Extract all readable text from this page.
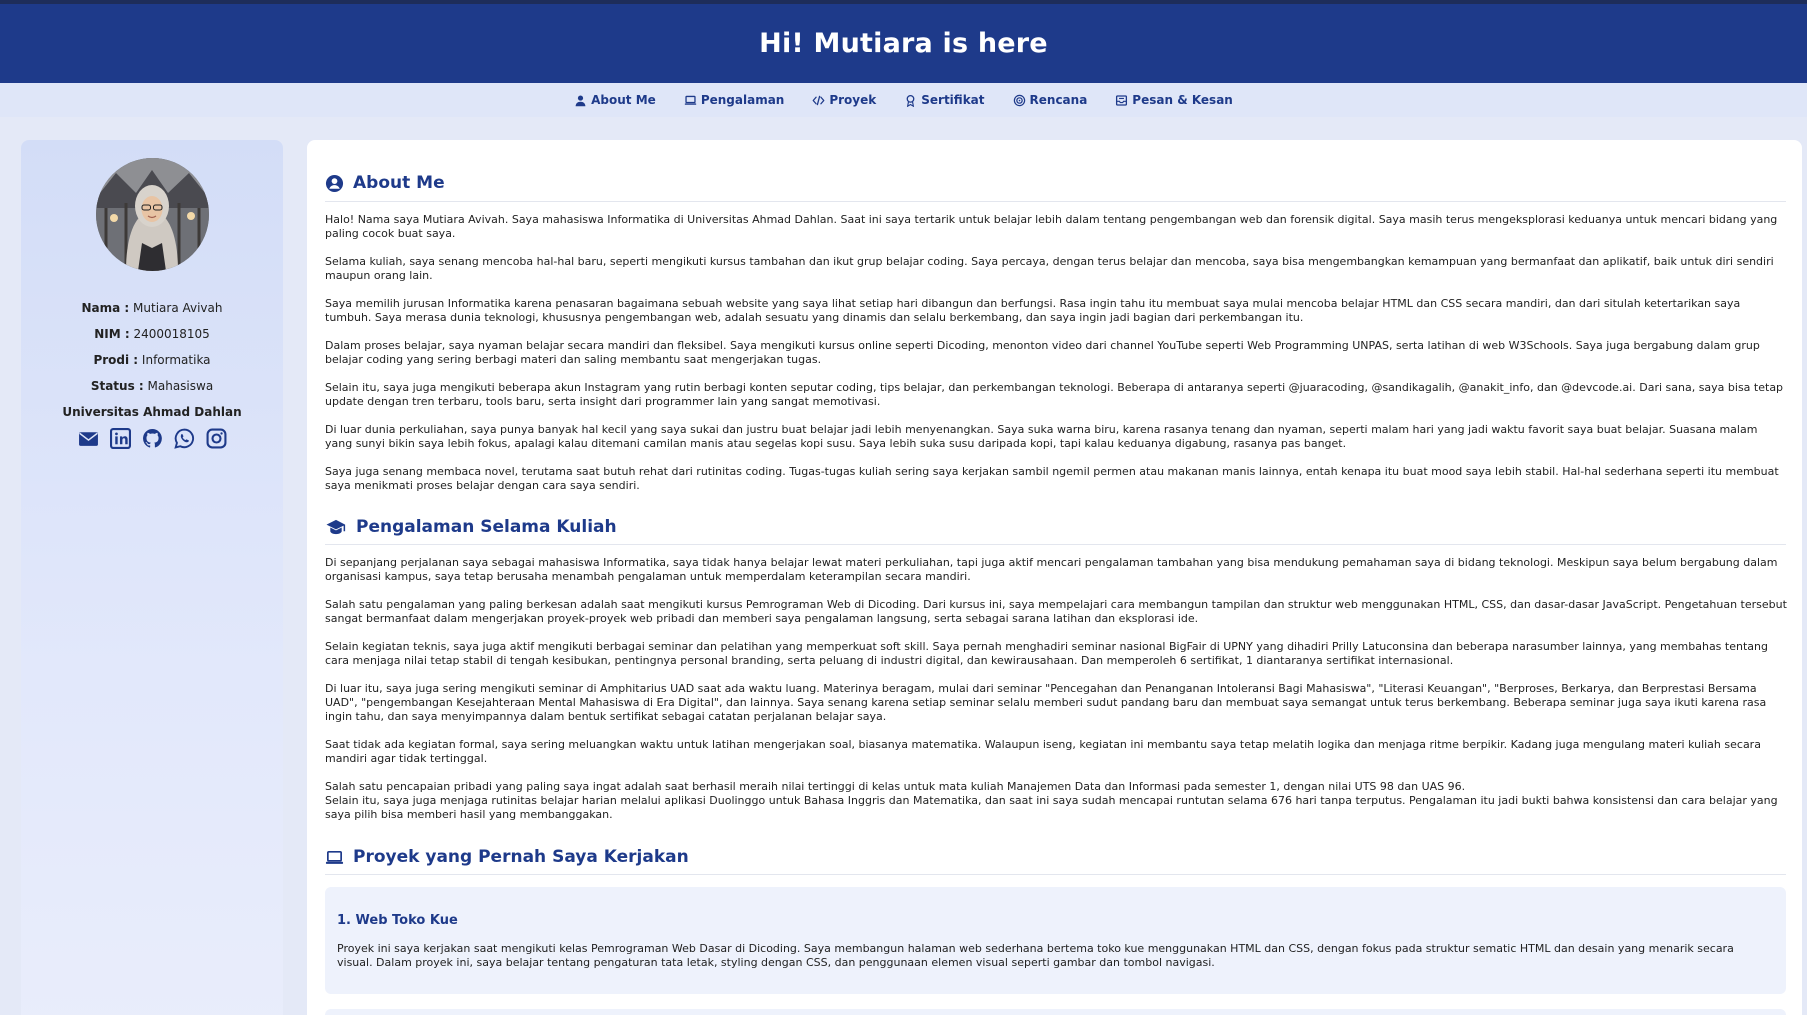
Hi! Mutiara is here
About Me	Pengalaman	Proyek	Sertifikat	Rencana	Pesan & Kesan
Nama : Mutiara Avivah
NIM : 2400018105
Prodi : Informatika
Status : Mahasiswa
Universitas Ahmad Dahlan
About Me

Halo! Nama saya Mutiara Avivah. Saya mahasiswa Informatika di Universitas Ahmad Dahlan. Saat ini saya tertarik untuk belajar lebih dalam tentang pengembangan web dan forensik digital. Saya masih terus mengeksplorasi keduanya untuk mencari bidang yang paling cocok buat saya.

Selama kuliah, saya senang mencoba hal-hal baru, seperti mengikuti kursus tambahan dan ikut grup belajar coding. Saya percaya, dengan terus belajar dan mencoba, saya bisa mengembangkan kemampuan yang bermanfaat dan aplikatif, baik untuk diri sendiri maupun orang lain.

Saya memilih jurusan Informatika karena penasaran bagaimana sebuah website yang saya lihat setiap hari dibangun dan berfungsi. Rasa ingin tahu itu membuat saya mulai mencoba belajar HTML dan CSS secara mandiri, dan dari situlah ketertarikan saya tumbuh. Saya merasa dunia teknologi, khususnya pengembangan web, adalah sesuatu yang dinamis dan selalu berkembang, dan saya ingin jadi bagian dari perkembangan itu.

Dalam proses belajar, saya nyaman belajar secara mandiri dan fleksibel. Saya mengikuti kursus online seperti Dicoding, menonton video dari channel YouTube seperti Web Programming UNPAS, serta latihan di web W3Schools. Saya juga bergabung dalam grup belajar coding yang sering berbagi materi dan saling membantu saat mengerjakan tugas.

Selain itu, saya juga mengikuti beberapa akun Instagram yang rutin berbagi konten seputar coding, tips belajar, dan perkembangan teknologi. Beberapa di antaranya seperti @juaracoding, @sandikagalih, @anakit_info, dan @devcode.ai. Dari sana, saya bisa tetap update dengan tren terbaru, tools baru, serta insight dari programmer lain yang sangat memotivasi.

Di luar dunia perkuliahan, saya punya banyak hal kecil yang saya sukai dan justru buat belajar jadi lebih menyenangkan. Saya suka warna biru, karena rasanya tenang dan nyaman, seperti malam hari yang jadi waktu favorit saya buat belajar. Suasana malam yang sunyi bikin saya lebih fokus, apalagi kalau ditemani camilan manis atau segelas kopi susu. Saya lebih suka susu daripada kopi, tapi kalau keduanya digabung, rasanya pas banget.

Saya juga senang membaca novel, terutama saat butuh rehat dari rutinitas coding. Tugas-tugas kuliah sering saya kerjakan sambil ngemil permen atau makanan manis lainnya, entah kenapa itu buat mood saya lebih stabil. Hal-hal sederhana seperti itu membuat saya menikmati proses belajar dengan cara saya sendiri.

Pengalaman Selama Kuliah

Di sepanjang perjalanan saya sebagai mahasiswa Informatika, saya tidak hanya belajar lewat materi perkuliahan, tapi juga aktif mencari pengalaman tambahan yang bisa mendukung pemahaman saya di bidang teknologi. Meskipun saya belum bergabung dalam organisasi kampus, saya tetap berusaha menambah pengalaman untuk memperdalam keterampilan secara mandiri.

Salah satu pengalaman yang paling berkesan adalah saat mengikuti kursus Pemrograman Web di Dicoding. Dari kursus ini, saya mempelajari cara membangun tampilan dan struktur web menggunakan HTML, CSS, dan dasar-dasar JavaScript. Pengetahuan tersebut sangat bermanfaat dalam mengerjakan proyek-proyek web pribadi dan memberi saya pengalaman langsung, serta sebagai sarana latihan dan eksplorasi ide.

Selain kegiatan teknis, saya juga aktif mengikuti berbagai seminar dan pelatihan yang memperkuat soft skill. Saya pernah menghadiri seminar nasional BigFair di UPNY yang dihadiri Prilly Latuconsina dan beberapa narasumber lainnya, yang membahas tentang cara menjaga nilai tetap stabil di tengah kesibukan, pentingnya personal branding, serta peluang di industri digital, dan kewirausahaan. Dan memperoleh 6 sertifikat, 1 diantaranya sertifikat internasional.

Di luar itu, saya juga sering mengikuti seminar di Amphitarius UAD saat ada waktu luang. Materinya beragam, mulai dari seminar "Pencegahan dan Penanganan Intoleransi Bagi Mahasiswa", "Literasi Keuangan", "Berproses, Berkarya, dan Berprestasi Bersama UAD", "pengembangan Kesejahteraan Mental Mahasiswa di Era Digital", dan lainnya. Saya senang karena setiap seminar selalu memberi sudut pandang baru dan membuat saya semangat untuk terus berkembang. Beberapa seminar juga saya ikuti karena rasa ingin tahu, dan saya menyimpannya dalam bentuk sertifikat sebagai catatan perjalanan belajar saya.

Saat tidak ada kegiatan formal, saya sering meluangkan waktu untuk latihan mengerjakan soal, biasanya matematika. Walaupun iseng, kegiatan ini membantu saya tetap melatih logika dan menjaga ritme berpikir. Kadang juga mengulang materi kuliah secara mandiri agar tidak tertinggal.

Salah satu pencapaian pribadi yang paling saya ingat adalah saat berhasil meraih nilai tertinggi di kelas untuk mata kuliah Manajemen Data dan Informasi pada semester 1, dengan nilai UTS 98 dan UAS 96.

Selain itu, saya juga menjaga rutinitas belajar harian melalui aplikasi Duolinggo untuk Bahasa Inggris dan Matematika, dan saat ini saya sudah mencapai runtutan selama 676 hari tanpa terputus. Pengalaman itu jadi bukti bahwa konsistensi dan cara belajar yang saya pilih bisa memberi hasil yang membanggakan.

Proyek yang Pernah Saya Kerjakan
1. Web Toko Kue

Proyek ini saya kerjakan saat mengikuti kelas Pemrograman Web Dasar di Dicoding. Saya membangun halaman web sederhana bertema toko kue menggunakan HTML dan CSS, dengan fokus pada struktur sematic HTML dan desain yang menarik secara visual. Dalam proyek ini, saya belajar tentang pengaturan tata letak, styling dengan CSS, dan penggunaan elemen visual seperti gambar dan tombol navigasi.
